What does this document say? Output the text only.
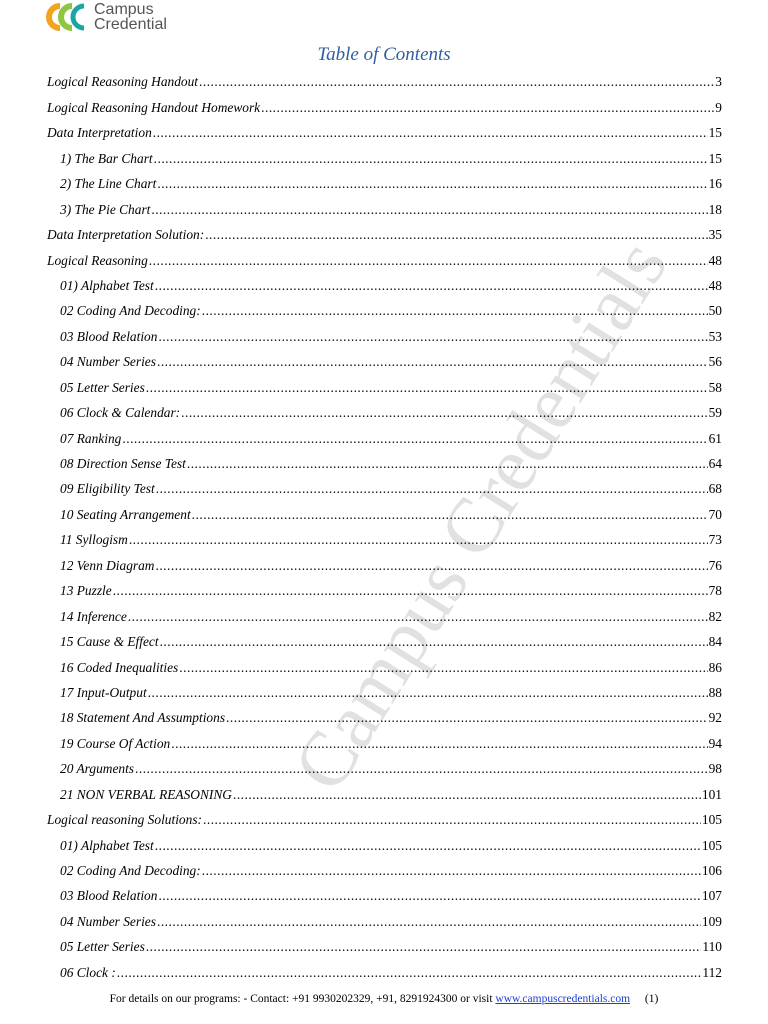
Campus
Credential
Campus Credentials
Table of Contents
Logical Reasoning Handout .....	3
Logical Reasoning Handout Homework .....	9
Data Interpretation .....	15
1) The Bar Chart .....	15
2) The Line Chart .....	16
3) The Pie Chart .....	18
Data Interpretation Solution: .....	35
Logical Reasoning .....	48
01) Alphabet Test .....	48
02 Coding And Decoding: .....	50
03 Blood Relation .....	53
04 Number Series .....	56
05 Letter Series .....	58
06 Clock & Calendar: .....	59
07 Ranking .....	61
08 Direction Sense Test .....	64
09 Eligibility Test .....	68
10 Seating Arrangement .....	70
11 Syllogism .....	73
12 Venn Diagram .....	76
13 Puzzle .....	78
14 Inference .....	82
15 Cause & Effect .....	84
16 Coded Inequalities .....	86
17 Input-Output .....	88
18 Statement And Assumptions .....	92
19 Course Of Action .....	94
20 Arguments .....	98
21 NON VERBAL REASONING .....	101
Logical reasoning Solutions: .....	105
01) Alphabet Test .....	105
02 Coding And Decoding: .....	106
03 Blood Relation .....	107
04 Number Series .....	109
05 Letter Series .....	110
06 Clock : .....	112
For details on our programs: - Contact: +91 9930202329, +91, 8291924300 or visit www.campuscredentials.com (1)
